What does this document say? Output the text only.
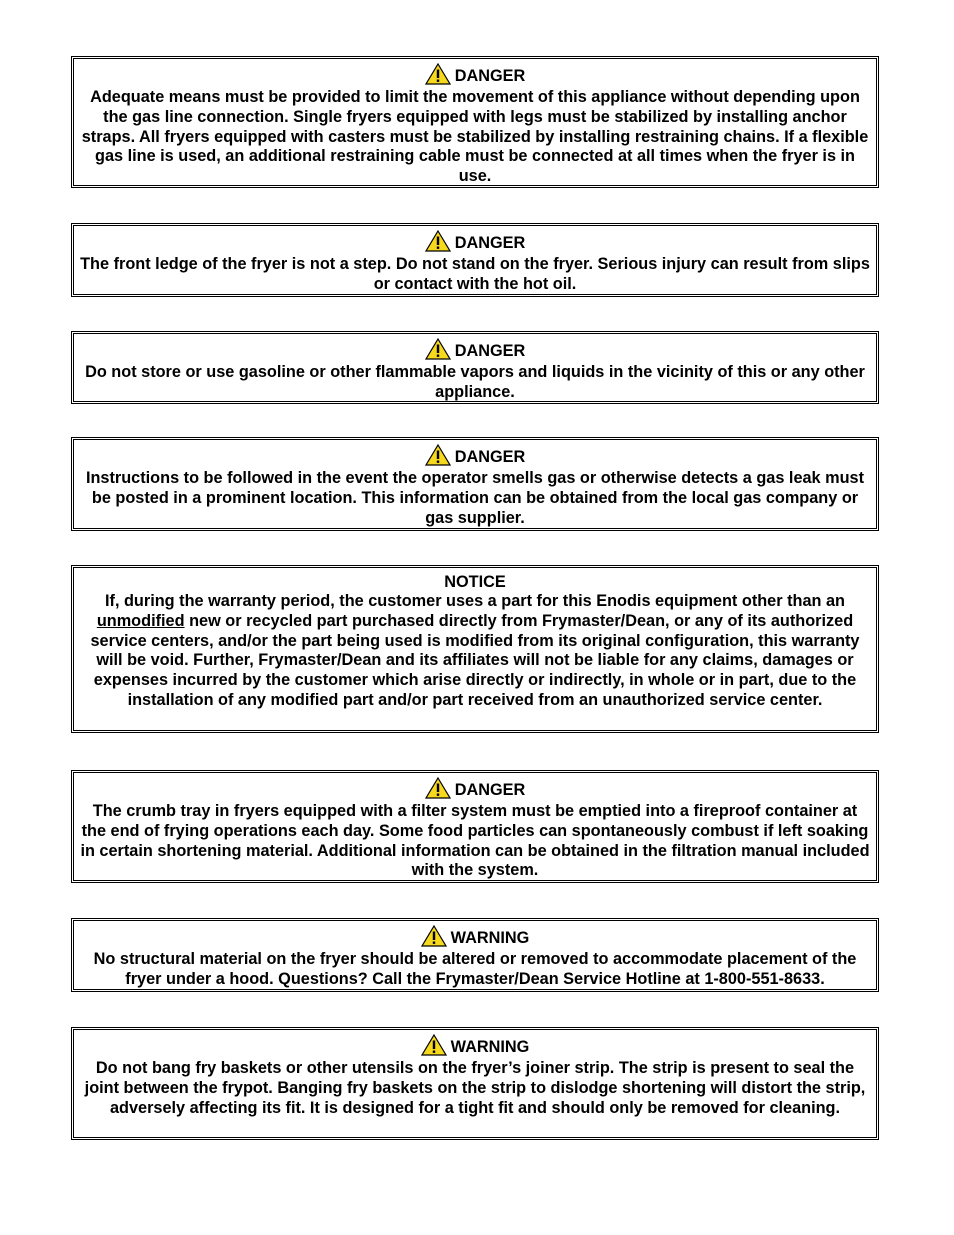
DANGER

Adequate means must be provided to limit the movement of this appliance without depending upon the gas line connection. Single fryers equipped with legs must be stabilized by installing anchor straps. All fryers equipped with casters must be stabilized by installing restraining chains. If a flexible gas line is used, an additional restraining cable must be connected at all times when the fryer is in use.

DANGER

The front ledge of the fryer is not a step. Do not stand on the fryer. Serious injury can result from slips or contact with the hot oil.

DANGER

Do not store or use gasoline or other flammable vapors and liquids in the vicinity of this or any other appliance.

DANGER

Instructions to be followed in the event the operator smells gas or otherwise detects a gas leak must be posted in a prominent location. This information can be obtained from the local gas company or gas supplier.

NOTICE

If, during the warranty period, the customer uses a part for this Enodis equipment other than an unmodified new or recycled part purchased directly from Frymaster/Dean, or any of its authorized service centers, and/or the part being used is modified from its original configuration, this warranty will be void. Further, Frymaster/Dean and its affiliates will not be liable for any claims, damages or expenses incurred by the customer which arise directly or indirectly, in whole or in part, due to the installation of any modified part and/or part received from an unauthorized service center.

DANGER

The crumb tray in fryers equipped with a filter system must be emptied into a fireproof container at the end of frying operations each day. Some food particles can spontaneously combust if left soaking in certain shortening material. Additional information can be obtained in the filtration manual included with the system.

WARNING

No structural material on the fryer should be altered or removed to accommodate placement of the fryer under a hood. Questions? Call the Frymaster/Dean Service Hotline at 1-800-551-8633.

WARNING

Do not bang fry baskets or other utensils on the fryer’s joiner strip. The strip is present to seal the joint between the frypot. Banging fry baskets on the strip to dislodge shortening will distort the strip, adversely affecting its fit. It is designed for a tight fit and should only be removed for cleaning.
